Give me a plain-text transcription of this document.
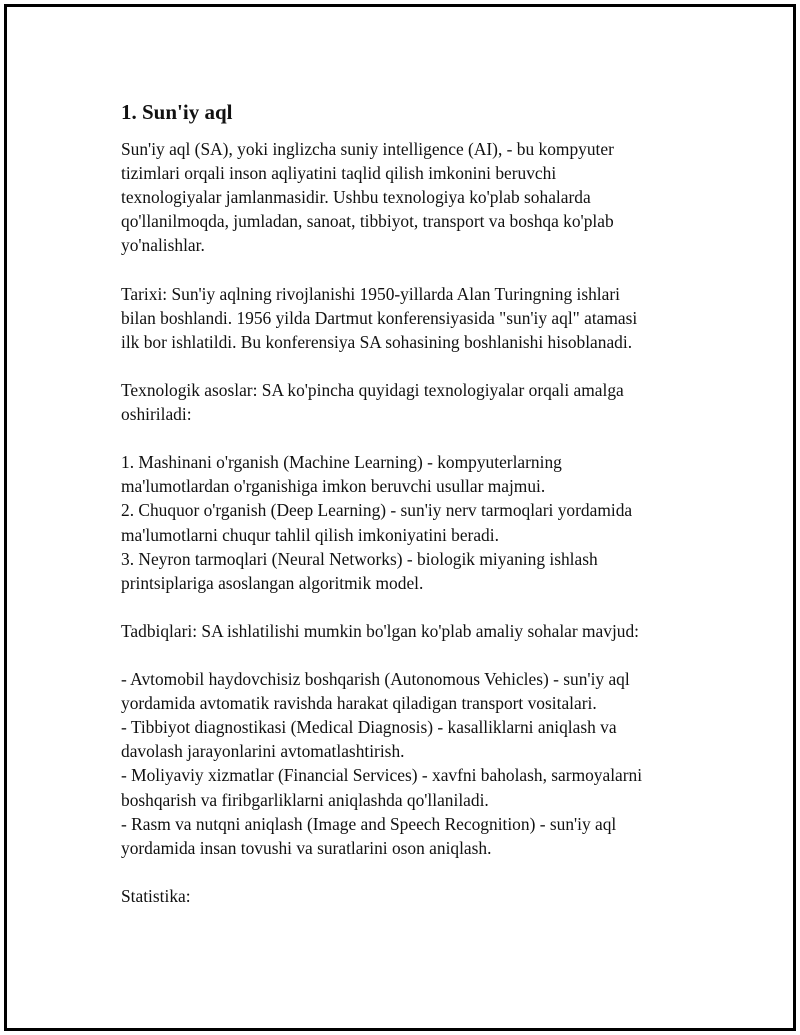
1. Sun'iy aql

Sun'iy aql (SA), yoki inglizcha suniy intelligence (AI), - bu kompyuter
tizimlari orqali inson aqliyatini taqlid qilish imkonini beruvchi
texnologiyalar jamlanmasidir. Ushbu texnologiya ko'plab sohalarda
qo'llanilmoqda, jumladan, sanoat, tibbiyot, transport va boshqa ko'plab
yo'nalishlar.

Tarixi: Sun'iy aqlning rivojlanishi 1950-yillarda Alan Turingning ishlari
bilan boshlandi. 1956 yilda Dartmut konferensiyasida "sun'iy aql" atamasi
ilk bor ishlatildi. Bu konferensiya SA sohasining boshlanishi hisoblanadi.

Texnologik asoslar: SA ko'pincha quyidagi texnologiyalar orqali amalga
oshiriladi:

1. Mashinani o'rganish (Machine Learning) - kompyuterlarning
ma'lumotlardan o'rganishiga imkon beruvchi usullar majmui.
2. Chuquor o'rganish (Deep Learning) - sun'iy nerv tarmoqlari yordamida
ma'lumotlarni chuqur tahlil qilish imkoniyatini beradi.
3. Neyron tarmoqlari (Neural Networks) - biologik miyaning ishlash
printsiplariga asoslangan algoritmik model.

Tadbiqlari: SA ishlatilishi mumkin bo'lgan ko'plab amaliy sohalar mavjud:

- Avtomobil haydovchisiz boshqarish (Autonomous Vehicles) - sun'iy aql
yordamida avtomatik ravishda harakat qiladigan transport vositalari.
- Tibbiyot diagnostikasi (Medical Diagnosis) - kasalliklarni aniqlash va
davolash jarayonlarini avtomatlashtirish.
- Moliyaviy xizmatlar (Financial Services) - xavfni baholash, sarmoyalarni
boshqarish va firibgarliklarni aniqlashda qo'llaniladi.
- Rasm va nutqni aniqlash (Image and Speech Recognition) - sun'iy aql
yordamida insan tovushi va suratlarini oson aniqlash.

Statistika:
